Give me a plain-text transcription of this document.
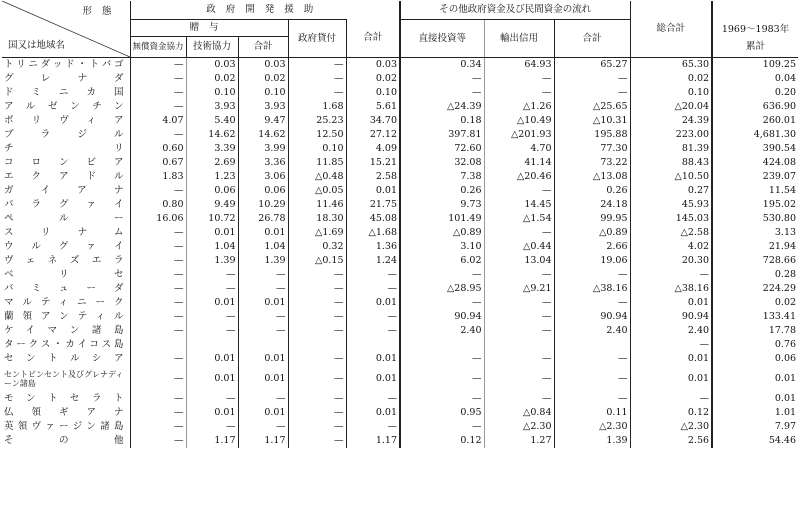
形態
国又は地域名	政府開発援助					その他政府資金及び民間資金の流れ			総合計	1969～1983年
	贈与			政府貸付	合計	直接投資等	輸出信用	合計		
	無償資金協力	技術協力	合計							累計
トリニダッド・トバゴ	—	0.03	0.03	—	0.03	0.34	64.93	65.27	65.30	109.25
グレナダ	—	0.02	0.02	—	0.02	—	—	—	0.02	0.04
ドミニカ国	—	0.10	0.10	—	0.10	—	—	—	0.10	0.20
アルゼンチン	—	3.93	3.93	1.68	5.61	△24.39	△1.26	△25.65	△20.04	636.90
ボリヴィア	4.07	5.40	9.47	25.23	34.70	0.18	△10.49	△10.31	24.39	260.01
ブラジル	—	14.62	14.62	12.50	27.12	397.81	△201.93	195.88	223.00	4,681.30
チリ	0.60	3.39	3.99	0.10	4.09	72.60	4.70	77.30	81.39	390.54
コロンビア	0.67	2.69	3.36	11.85	15.21	32.08	41.14	73.22	88.43	424.08
エクアドル	1.83	1.23	3.06	△0.48	2.58	7.38	△20.46	△13.08	△10.50	239.07
ガイアナ	—	0.06	0.06	△0.05	0.01	0.26	—	0.26	0.27	11.54
パラグァイ	0.80	9.49	10.29	11.46	21.75	9.73	14.45	24.18	45.93	195.02
ペルー	16.06	10.72	26.78	18.30	45.08	101.49	△1.54	99.95	145.03	530.80
スリナム	—	0.01	0.01	△1.69	△1.68	△0.89	—	△0.89	△2.58	3.13
ウルグァイ	—	1.04	1.04	0.32	1.36	3.10	△0.44	2.66	4.02	21.94
ヴェネズエラ	—	1.39	1.39	△0.15	1.24	6.02	13.04	19.06	20.30	728.66
ベリセ	—	—	—	—	—	—	—	—	—	0.28
バミューダ	—	—	—	—	—	△28.95	△9.21	△38.16	△38.16	224.29
マルティニーク	—	0.01	0.01	—	0.01	—	—	—	0.01	0.02
蘭領アンティル	—	—	—	—	—	90.94	—	90.94	90.94	133.41
ケイマン諸島	—	—	—	—	—	2.40	—	2.40	2.40	17.78
タークス・カイコス島									—	0.76
セントルシア	—	0.01	0.01	—	0.01	—	—	—	0.01	0.06
セントビンセント及びグレナディーン諸島	—	0.01	0.01	—	0.01	—	—	—	0.01	0.01
モントセラト	—	—	—	—	—	—	—	—	—	0.01
仏領ギアナ	—	0.01	0.01	—	0.01	0.95	△0.84	0.11	0.12	1.01
英領ヴァージン諸島	—	—	—	—	—	—	△2.30	△2.30	△2.30	7.97
その他	—	1.17	1.17	—	1.17	0.12	1.27	1.39	2.56	54.46
